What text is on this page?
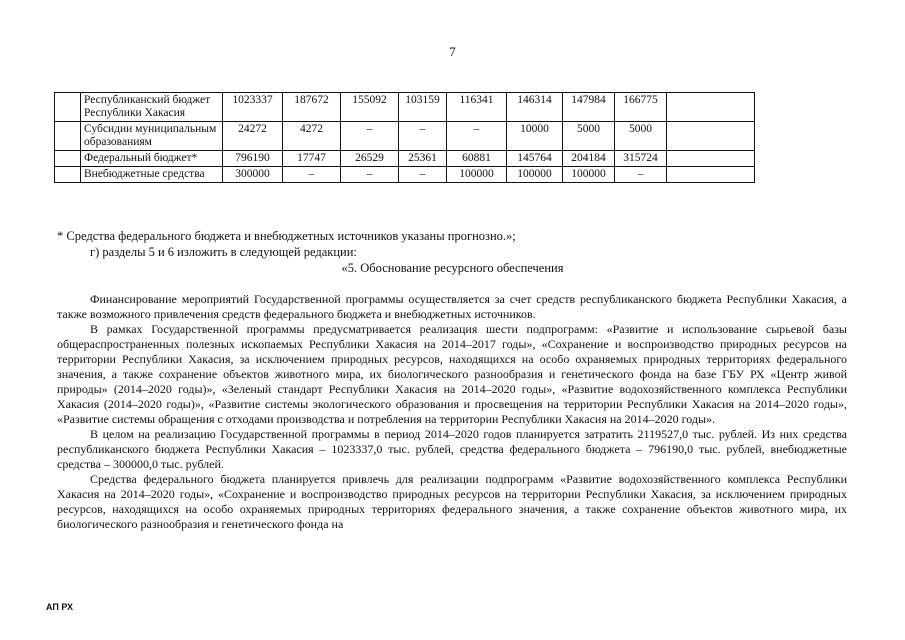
7
	Республиканский бюджет Республики Хакасия	1023337	187672	155092	103159	116341	146314	147984	166775	
	Субсидии муниципальным образованиям	24272	4272	–	–	–	10000	5000	5000	
	Федеральный бюджет*	796190	17747	26529	25361	60881	145764	204184	315724	
	Внебюджетные средства	300000	–	–	–	100000	100000	100000	–	
* Средства федерального бюджета и внебюджетных источников указаны прогнозно.»;
г) разделы 5 и 6 изложить в следующей редакции:
«5. Обоснование ресурсного обеспечения

Финансирование мероприятий Государственной программы осуществляется за счет средств республиканского бюджета Республики Хакасия, а также возможного привлечения средств федерального бюджета и внебюджетных источников.

В рамках Государственной программы предусматривается реализация шести подпрограмм: «Развитие и использование сырьевой базы общераспространенных полезных ископаемых Республики Хакасия на 2014–2017 годы», «Сохранение и воспроизводство природных ресурсов на территории Республики Хакасия, за исключением природных ресурсов, находящихся на особо охраняемых природных территориях федерального значения, а также сохранение объектов животного мира, их биологического разнообразия и генетического фонда на базе ГБУ РХ «Центр живой природы» (2014–2020 годы)», «Зеленый стандарт Республики Хакасия на 2014–2020 годы», «Развитие водохозяйственного комплекса Республики Хакасия (2014–2020 годы)», «Развитие системы экологического образования и просвещения на территории Республики Хакасия на 2014–2020 годы», «Развитие системы обращения с отходами производства и потребления на территории Республики Хакасия на 2014–2020 годы».

В целом на реализацию Государственной программы в период 2014–2020 годов планируется затратить 2119527,0 тыс. рублей. Из них средства республиканского бюджета Республики Хакасия – 1023337,0 тыс. рублей, средства федерального бюджета – 796190,0 тыс. рублей, внебюджетные средства – 300000,0 тыс. рублей.

Средства федерального бюджета планируется привлечь для реализации подпрограмм «Развитие водохозяйственного комплекса Республики Хакасия на 2014–2020 годы», «Сохранение и воспроизводство природных ресурсов на территории Республики Хакасия, за исключением природных ресурсов, находящихся на особо охраняемых природных территориях федерального значения, а также сохранение объектов животного мира, их биологического разнообразия и генетического фонда на

АП РХ
